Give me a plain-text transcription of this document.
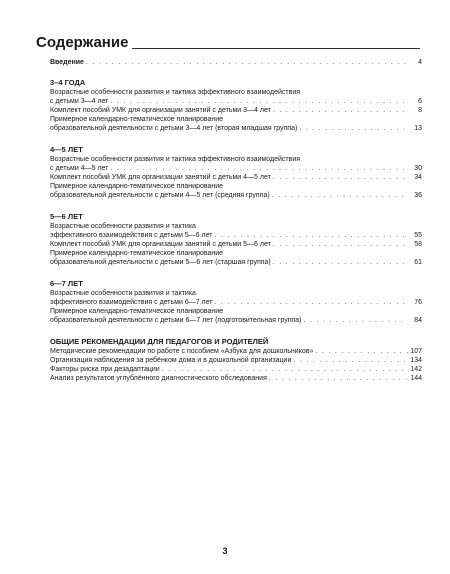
Содержание
Введение . . .	4
3–4 ГОДА
Возрастные особенности развития и тактика эффективного взаимодействия
с детьми 3—4 лет . . .	6
Комплект пособий УМК для организации занятий с детьми 3—4 лет . . .	8
Примерное календарно-тематическое планирование
образовательной деятельности с детьми 3—4 лет (вторая младшая группа) . . .	13
4—5 ЛЕТ
Возрастные особенности развития и тактика эффективного взаимодействия
с детьми 4—5 лет . . .	30
Комплект пособий УМК для организации занятий с детьми 4—5 лет . . .	34
Примерное календарно-тематическое планирование
образовательной деятельности с детьми 4—5 лет (средняя группа) . . .	36
5—6 ЛЕТ
Возрастные особенности развития и тактика
эффективного взаимодействия с детьми 5—6 лет . . .	55
Комплект пособий УМК для организации занятий с детьми 5—6 лет . . .	58
Примерное календарно-тематическое планирование
образовательной деятельности с детьми 5—6 лет (старшая группа) . . .	61
6—7 ЛЕТ
Возрастные особенности развития и тактика
эффективного взаимодействия с детьми 6—7 лет . . .	76
Примерное календарно-тематическое планирование
образовательной деятельности с детьми 6—7 лет (подготовительная группа) . . .	84
ОБЩИЕ РЕКОМЕНДАЦИИ ДЛЯ ПЕДАГОГОВ И РОДИТЕЛЕЙ
Методические рекомендации по работе с пособием «Азбука для дошкольников» . . .	107
Организация наблюдения за ребёнком дома и в дошкольной организации . . .	134
Факторы риска при дезадаптации . . .	142
Анализ результатов углублённого диагностического обследования . . .	144
3
